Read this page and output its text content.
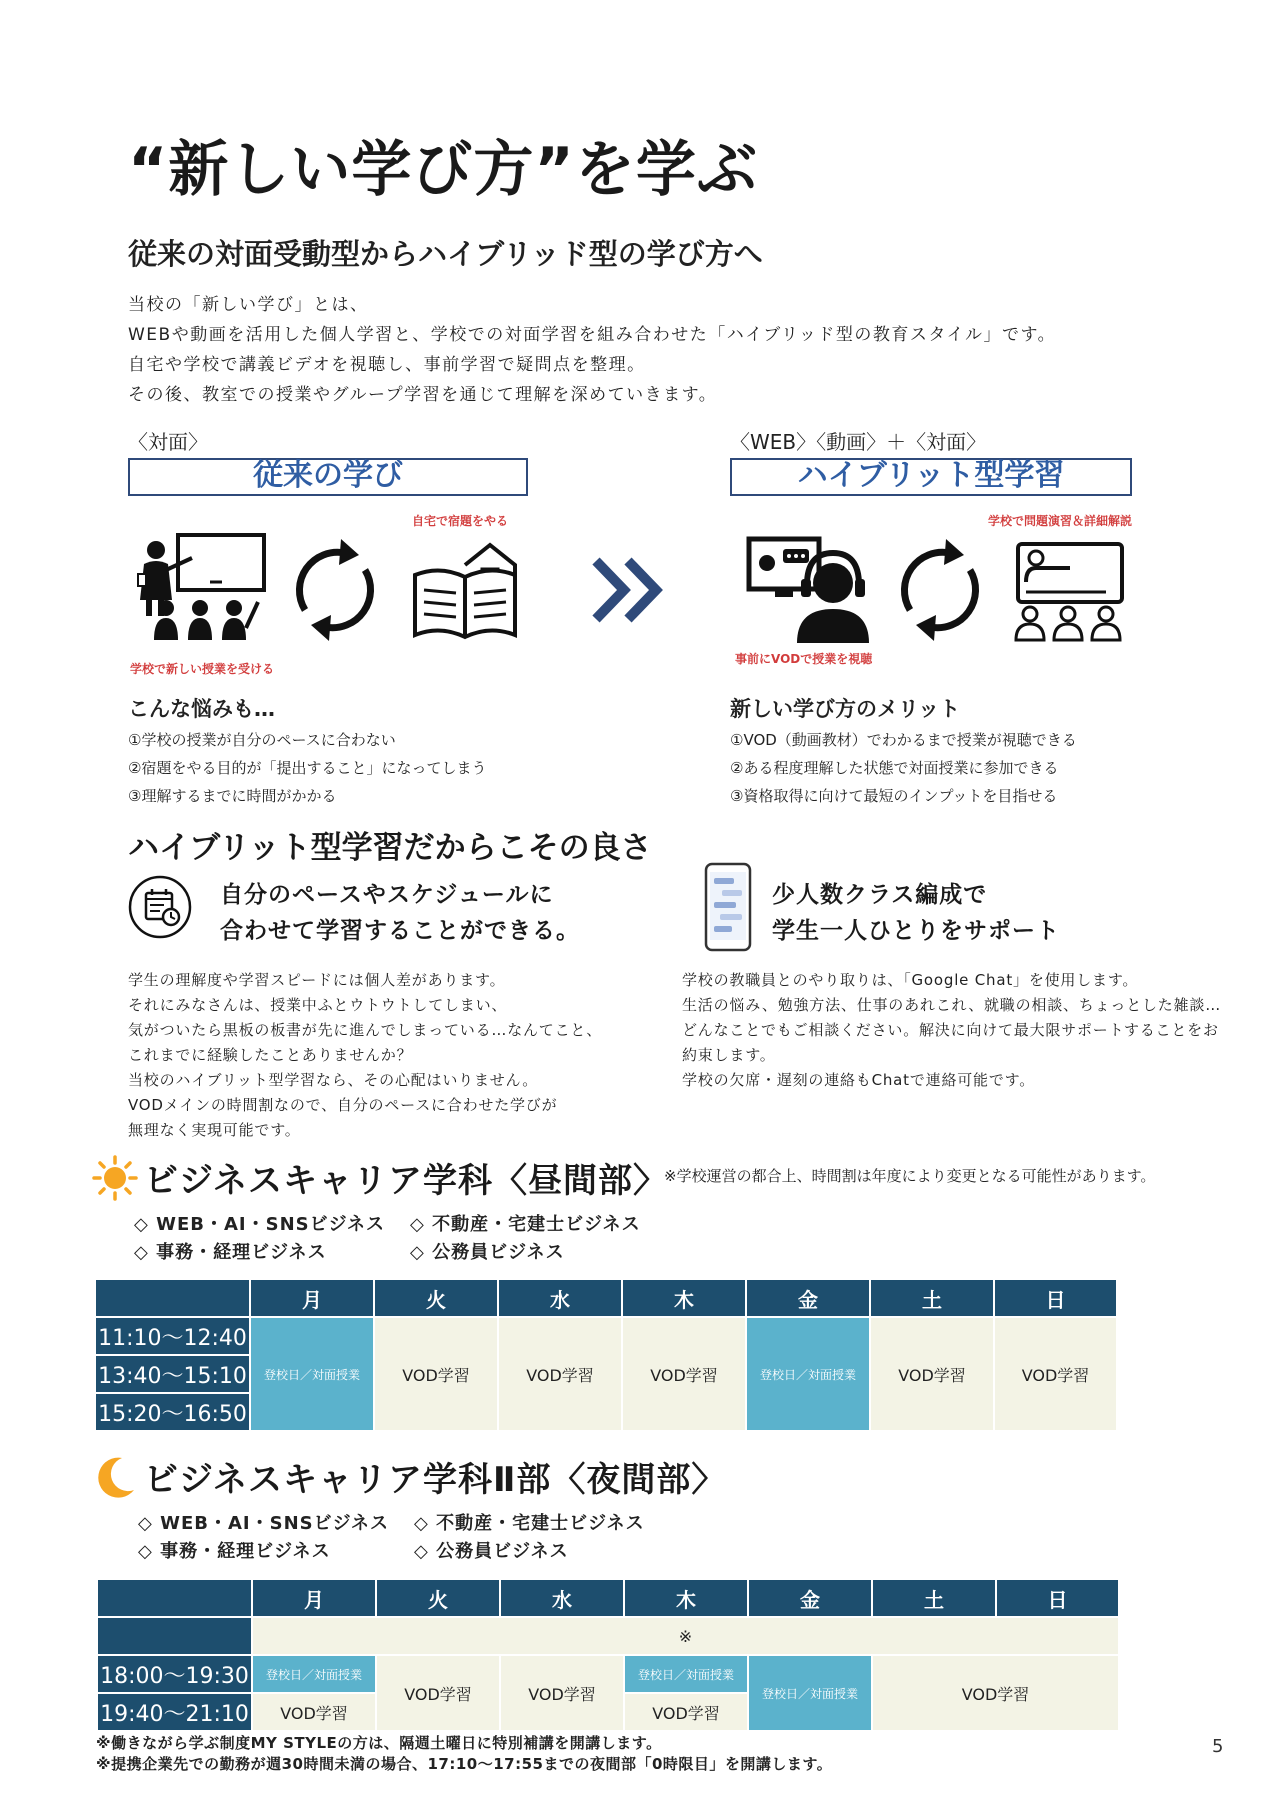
“新しい学び方”を学ぶ
従来の対面受動型からハイブリッド型の学び方へ
当校の「新しい学び」とは、
WEBや動画を活用した個人学習と、学校での対面学習を組み合わせた「ハイブリッド型の教育スタイル」です。
自宅や学校で講義ビデオを視聴し、事前学習で疑問点を整理。
その後、教室での授業やグループ学習を通じて理解を深めていきます。
〈対面〉
従来の学び
自宅で宿題をやる
学校で新しい授業を受ける
〈WEB〉〈動画〉＋〈対面〉
ハイブリット型学習
学校で問題演習＆詳細解説
事前にVODで授業を視聴
こんな悩みも…
①学校の授業が自分のペースに合わない
②宿題をやる目的が「提出すること」になってしまう
③理解するまでに時間がかかる
新しい学び方のメリット
①VOD（動画教材）でわかるまで授業が視聴できる
②ある程度理解した状態で対面授業に参加できる
③資格取得に向けて最短のインプットを目指せる
ハイブリット型学習だからこその良さ
自分のペースやスケジュールに
合わせて学習することができる。
少人数クラス編成で
学生一人ひとりをサポート
学生の理解度や学習スピードには個人差があります。
それにみなさんは、授業中ふとウトウトしてしまい、
気がついたら黒板の板書が先に進んでしまっている…なんてこと、
これまでに経験したことありませんか？
当校のハイブリット型学習なら、その心配はいりません。
VODメインの時間割なので、自分のペースに合わせた学びが
無理なく実現可能です。
学校の教職員とのやり取りは、「Google Chat」を使用します。
生活の悩み、勉強方法、仕事のあれこれ、就職の相談、ちょっとした雑談…
どんなことでもご相談ください。解決に向けて最大限サポートすることをお
約束します。
学校の欠席・遅刻の連絡もChatで連絡可能です。
ビジネスキャリア学科〈昼間部〉
※学校運営の都合上、時間割は年度により変更となる可能性があります。
◇ WEB・AI・SNSビジネス ◇ 不動産・宅建士ビジネス
◇ 事務・経理ビジネス	◇ 公務員ビジネス
	月	火	水	木	金	土	日
11:10〜12:40	登校日／対面授業	VOD学習	VOD学習	VOD学習	登校日／対面授業	VOD学習	VOD学習
13:40〜15:10							
15:20〜16:50							
ビジネスキャリア学科Ⅱ部〈夜間部〉
◇ WEB・AI・SNSビジネス ◇ 不動産・宅建士ビジネス
◇ 事務・経理ビジネス	◇ 公務員ビジネス
	月	火	水	木	金	土	日
	※						
18:00〜19:30	登校日／対面授業	VOD学習	VOD学習	登校日／対面授業	登校日／対面授業	VOD学習	
19:40〜21:10	VOD学習			VOD学習			
※働きながら学ぶ制度MY STYLEの方は、隔週土曜日に特別補講を開講します。
※提携企業先での勤務が週30時間未満の場合、17:10〜17:55までの夜間部「0時限目」を開講します。
5
